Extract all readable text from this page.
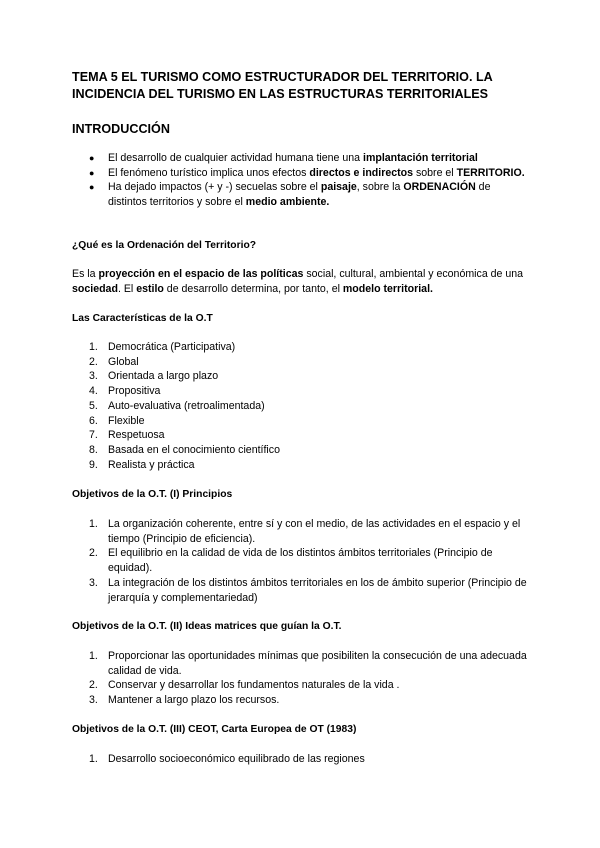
TEMA 5 EL TURISMO COMO ESTRUCTURADOR DEL TERRITORIO. LA

INCIDENCIA DEL TURISMO EN LAS ESTRUCTURAS TERRITORIALES

INTRODUCCIÓN

● El desarrollo de cualquier actividad humana tiene una implantación territorial
● El fenómeno turístico implica unos efectos directos e indirectos sobre el TERRITORIO.
● Ha dejado impactos (+ y -) secuelas sobre el paisaje, sobre la ORDENACIÓN de distintos territorios y sobre el medio ambiente.

¿Qué es la Ordenación del Territorio?

Es la proyección en el espacio de las políticas social, cultural, ambiental y económica de una sociedad. El estilo de desarrollo determina, por tanto, el modelo territorial.

Las Características de la O.T

1. Democrática (Participativa)
2. Global
3. Orientada a largo plazo
4. Propositiva
5. Auto-evaluativa (retroalimentada)
6. Flexible
7. Respetuosa
8. Basada en el conocimiento científico
9. Realista y práctica

Objetivos de la O.T. (I) Principios

1. La organización coherente, entre sí y con el medio, de las actividades en el espacio y el tiempo (Principio de eficiencia).
2. El equilibrio en la calidad de vida de los distintos ámbitos territoriales (Principio de equidad).
3. La integración de los distintos ámbitos territoriales en los de ámbito superior (Principio de jerarquía y complementariedad)

Objetivos de la O.T. (II) Ideas matrices que guían la O.T.

1. Proporcionar las oportunidades mínimas que posibiliten la consecución de una adecuada calidad de vida.
2. Conservar y desarrollar los fundamentos naturales de la vida .
3. Mantener a largo plazo los recursos.

Objetivos de la O.T. (III) CEOT, Carta Europea de OT (1983)

1. Desarrollo socioeconómico equilibrado de las regiones
